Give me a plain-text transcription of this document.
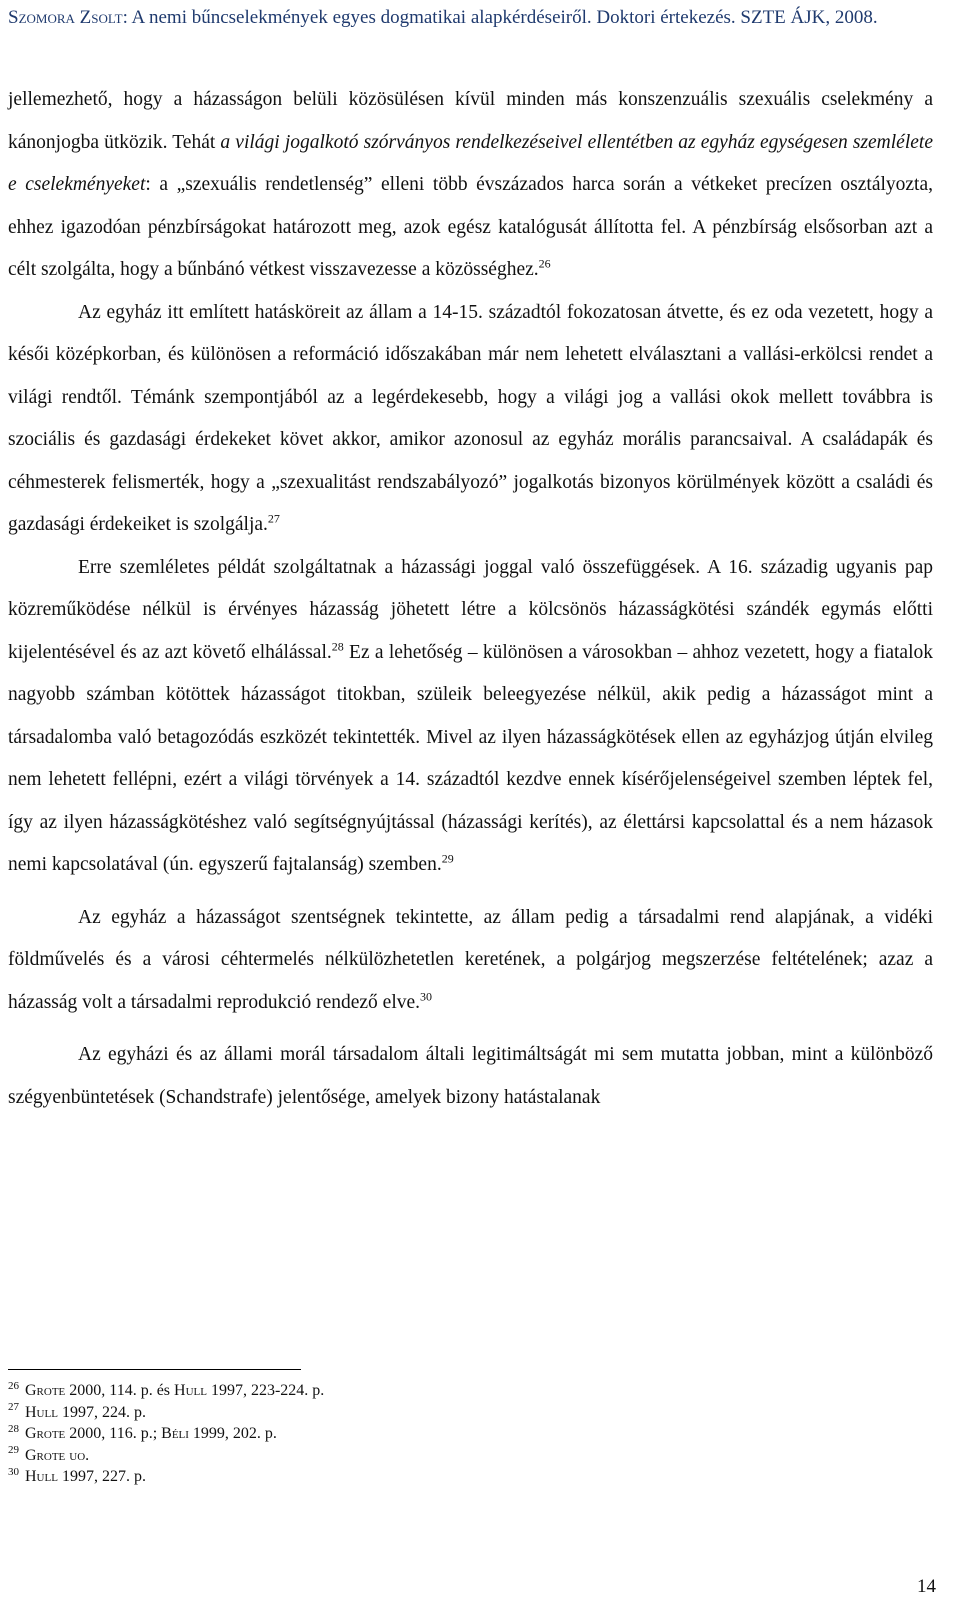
Szomora Zsolt: A nemi bűncselekmények egyes dogmatikai alapkérdéseiről. Doktori értekezés. SZTE ÁJK, 2008.

jellemezhető, hogy a házasságon belüli közösülésen kívül minden más konszenzuális szexuális cselekmény a kánonjogba ütközik. Tehát a világi jogalkotó szórványos rendelkezéseivel ellentétben az egyház egységesen szemlélete e cselekményeket: a „szexuális rendetlenség” elleni több évszázados harca során a vétkeket precízen osztályozta, ehhez igazodóan pénzbírságokat határozott meg, azok egész katalógusát állította fel. A pénzbírság elsősorban azt a célt szolgálta, hogy a bűnbánó vétkest visszavezesse a közösséghez.$^{26}$

Az egyház itt említett hatásköreit az állam a 14-15. századtól fokozatosan átvette, és ez oda vezetett, hogy a késői középkorban, és különösen a reformáció időszakában már nem lehetett elválasztani a vallási-erkölcsi rendet a világi rendtől. Témánk szempontjából az a legérdekesebb, hogy a világi jog a vallási okok mellett továbbra is szociális és gazdasági érdekeket követ akkor, amikor azonosul az egyház morális parancsaival. A családapák és céhmesterek felismerték, hogy a „szexualitást rendszabályozó” jogalkotás bizonyos körülmények között a családi és gazdasági érdekeiket is szolgálja.$^{27}$

Erre szemléletes példát szolgáltatnak a házassági joggal való összefüggések. A 16. századig ugyanis pap közreműködése nélkül is érvényes házasság jöhetett létre a kölcsönös házasságkötési szándék egymás előtti kijelentésével és az azt követő elhálással.$^{28}$ Ez a lehetőség – különösen a városokban – ahhoz vezetett, hogy a fiatalok nagyobb számban kötöttek házasságot titokban, szüleik beleegyezése nélkül, akik pedig a házasságot mint a társadalomba való betagozódás eszközét tekintették. Mivel az ilyen házasságkötések ellen az egyházjog útján elvileg nem lehetett fellépni, ezért a világi törvények a 14. századtól kezdve ennek kísérőjelenségeivel szemben léptek fel, így az ilyen házasságkötéshez való segítségnyújtással (házassági kerítés), az élettársi kapcsolattal és a nem házasok nemi kapcsolatával (ún. egyszerű fajtalanság) szemben.$^{29}$

Az egyház a házasságot szentségnek tekintette, az állam pedig a társadalmi rend alapjának, a vidéki földművelés és a városi céhtermelés nélkülözhetetlen keretének, a polgárjog megszerzése feltételének; azaz a házasság volt a társadalmi reprodukció rendező elve.$^{30}$

Az egyházi és az állami morál társadalom általi legitimáltságát mi sem mutatta jobban, mint a különböző szégyenbüntetések (Schandstrafe) jelentősége, amelyek bizony hatástalanak

$^{26}$ Grote 2000, 114. p. és Hull 1997, 223-224. p.
$^{27}$ Hull 1997, 224. p.
$^{28}$ Grote 2000, 116. p.; Béli 1999, 202. p.
$^{29}$ Grote uo.
$^{30}$ Hull 1997, 227. p.
14
